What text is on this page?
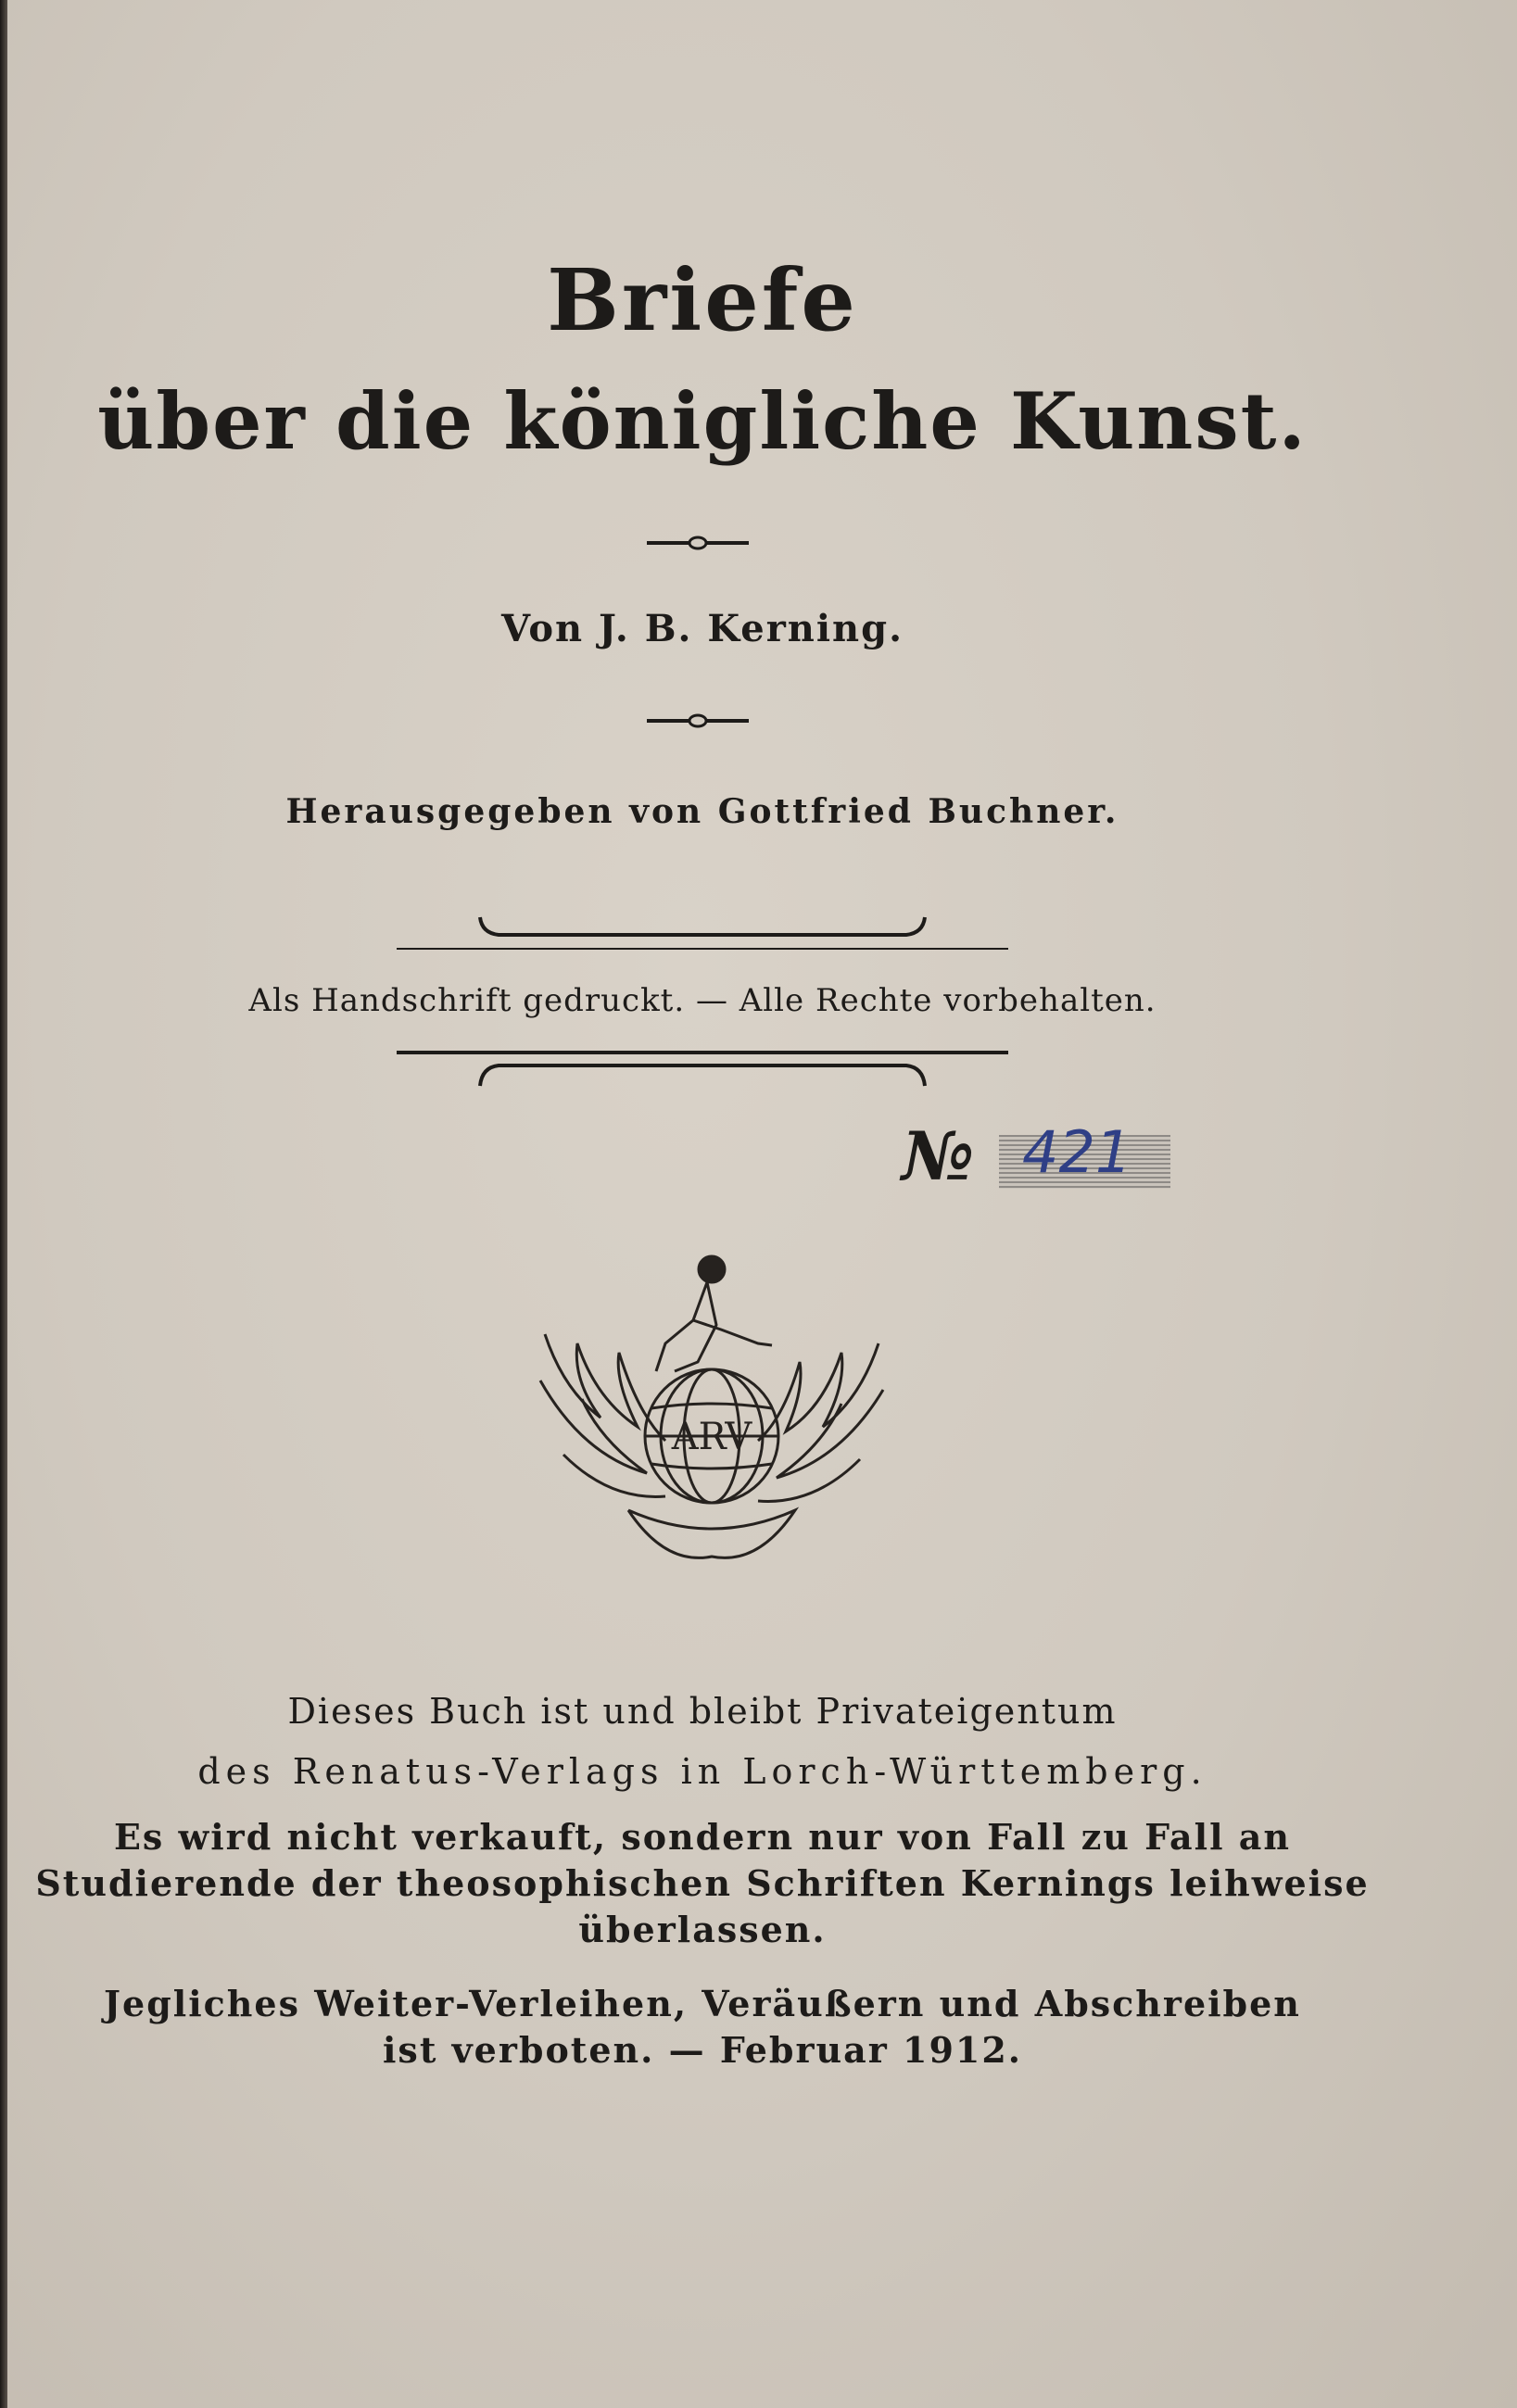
Briefe
über die königliche Kunst.
Von J. B. Kerning.
Herausgegeben von Gottfried Buchner.
Als Handschrift gedruckt. — Alle Rechte vorbehalten.
№ 421
ARV
Dieses Buch ist und bleibt Privateigentum
des Renatus-Verlags in Lorch-Württemberg.
Es wird nicht verkauft, sondern nur von Fall zu Fall an
Studierende der theosophischen Schriften Kernings leihweise
überlassen.
Jegliches Weiter-Verleihen, Veräußern und Abschreiben
ist verboten. — Februar 1912.
